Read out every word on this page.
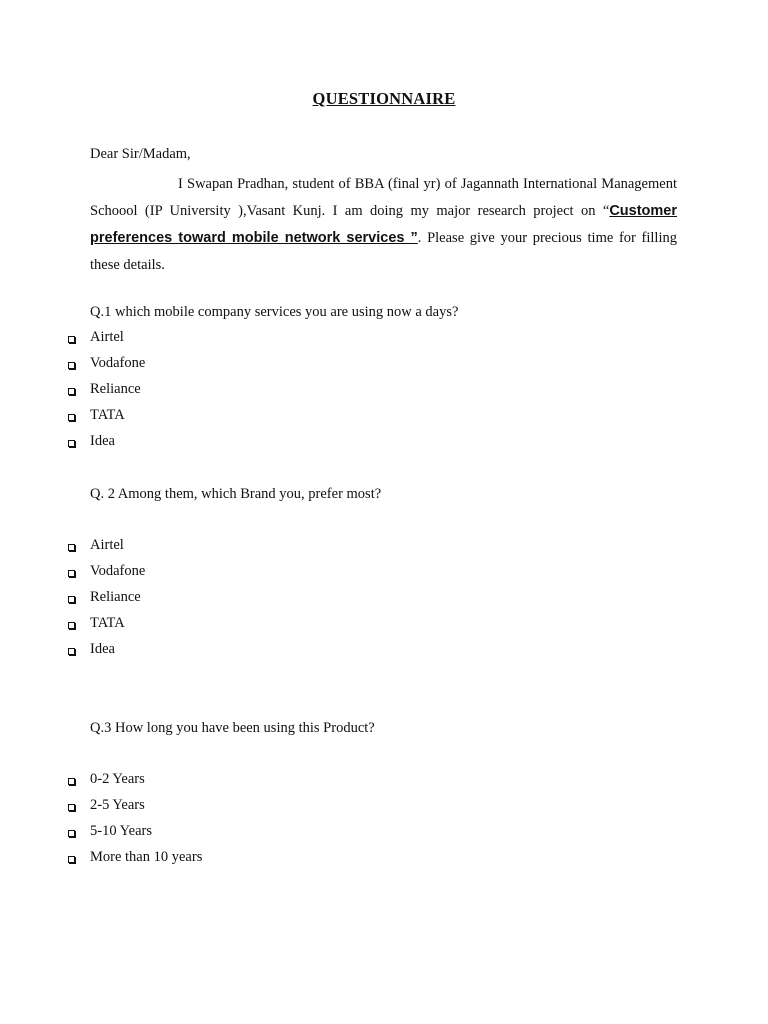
QUESTIONNAIRE
Dear Sir/Madam,

I Swapan Pradhan, student of BBA (final yr) of Jagannath International Management Schoool (IP University ),Vasant Kunj. I am doing my major research project on “Customer preferences toward mobile network services ”. Please give your precious time for filling these details.

Q.1 which mobile company services you are using now a days?
Airtel
Vodafone
Reliance
TATA
Idea
Q. 2 Among them, which Brand you, prefer most?
Airtel
Vodafone
Reliance
TATA
Idea
Q.3 How long you have been using this Product?
0-2 Years
2-5 Years
5-10 Years
More than 10 years
